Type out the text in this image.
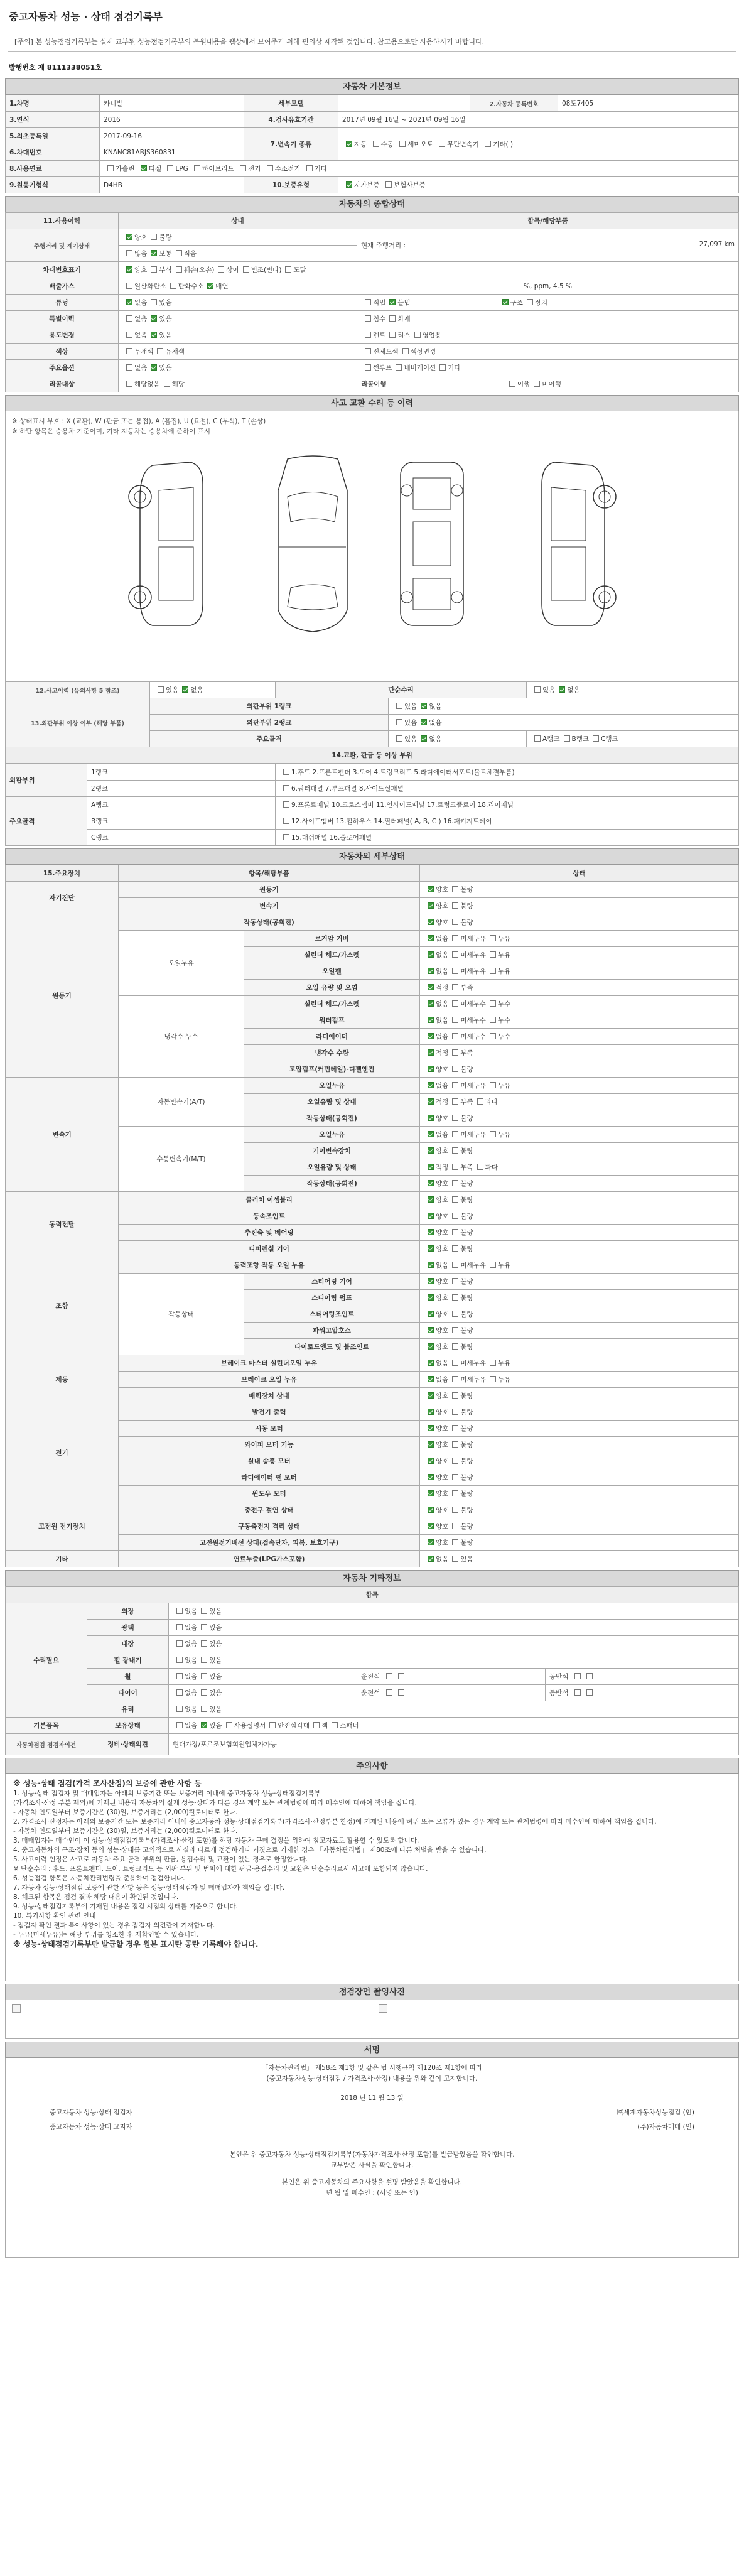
중고자동차 성능 · 상태 점검기록부
[주의] 본 성능점검기록부는 실제 교부된 성능점검기록부의 복원내용을 웹상에서 보여주기 위해 편의상 제작된 것입니다. 참고용으로만 사용하시기 바랍니다.
발행번호 제 8111338051호
자동차 기본정보
1.차명	카니발	세부모델		2.자동차 등록번호	08도7405
3.연식	2016	4.검사유효기간	2017년 09월 16일 ~ 2021년 09월 16일		
5.최초등록일	2017-09-16	7.변속기 종류	자동 수동 세미오토 무단변속기 기타( )		
6.차대번호	KNANC81ABJS360831				
8.사용연료	가솔린 디젤 LPG 하이브리드 전기 수소전기 기타				
9.원동기형식	D4HB	10.보증유형	자가보증 보험사보증		
자동차의 종합상태
11.사용이력	상태	항목/해당부품
주행거리 및 계기상태	양호 불량	현재 주행거리 : 27,097 km

	많음 보통 적음	
차대번호표기	양호 부식 훼손(오손) 상이 변조(변타) 도말	
배출가스	일산화탄소 탄화수소 매연	%, ppm, 4.5 %
튜닝	없음 있음	적법 불법 구조 장치
특별이력	없음 있음	침수 화재
용도변경	없음 있음	렌트 리스 영업용
색상	무채색 유채색	전체도색 색상변경
주요옵션	없음 있음	썬루프 네비게이션 기타
리콜대상	해당없음 해당	리콜이행 이행 미이행
사고 교환 수리 등 이력
※ 상태표시 부호 : X (교환), W (판금 또는 용접), A (흠집), U (요철), C (부식), T (손상)
※ 하단 항목은 승용차 기준이며, 기타 자동차는 승용차에 준하여 표시
12.사고이력 (유의사항 5 참조)	있음 없음	단순수리		있음 없음
13.외판부위 이상 여부 (해당 부품)	외판부위 1랭크		있음 없음	
	외판부위 2랭크		있음 없음	
	주요골격		있음 없음	A랭크 B랭크 C랭크
14.교환, 판금 등 이상 부위				
외판부위	1랭크	1.후드 2.프론트펜더 3.도어 4.트렁크리드 5.라디에이터서포트(볼트체결부품)
	2랭크	6.쿼터패널 7.루프패널 8.사이드실패널
주요골격	A랭크	9.프론트패널 10.크로스멤버 11.인사이드패널 17.트렁크플로어 18.리어패널
	B랭크	12.사이드멤버 13.휠하우스 14.필러패널( A, B, C ) 16.패키지트레이
	C랭크	15.대쉬패널 16.플로어패널
자동차의 세부상태
15.주요장치	항목/해당부품		상태
자기진단	원동기		양호 불량
	변속기		양호 불량
원동기	작동상태(공회전)		양호 불량
	오일누유	로커암 커버	없음 미세누유 누유
		실린더 헤드/가스켓	없음 미세누유 누유
		오일팬	없음 미세누유 누유
		오일 유량 및 오염	적정 부족
	냉각수 누수	실린더 헤드/가스켓	없음 미세누수 누수
		워터펌프	없음 미세누수 누수
		라디에이터	없음 미세누수 누수
		냉각수 수량	적정 부족
		고압펌프(커먼레일)-디젤엔진	양호 불량
변속기	자동변속기(A/T)	오일누유	없음 미세누유 누유
		오일유량 및 상태	적정 부족 과다
		작동상태(공회전)	양호 불량
	수동변속기(M/T)	오일누유	없음 미세누유 누유
		기어변속장치	양호 불량
		오일유량 및 상태	적정 부족 과다
		작동상태(공회전)	양호 불량
동력전달	클러치 어셈블리		양호 불량
	등속조인트		양호 불량
	추진축 및 베어링		양호 불량
	디퍼렌셜 기어		양호 불량
조향	동력조향 작동 오일 누유		없음 미세누유 누유
	작동상태	스티어링 기어	양호 불량
		스티어링 펌프	양호 불량
		스티어링조인트	양호 불량
		파워고압호스	양호 불량
		타이로드엔드 및 볼조인트	양호 불량
제동	브레이크 마스터 실린더오일 누유		없음 미세누유 누유
	브레이크 오일 누유		없음 미세누유 누유
	배력장치 상태		양호 불량
전기	발전기 출력		양호 불량
	시동 모터		양호 불량
	와이퍼 모터 기능		양호 불량
	실내 송풍 모터		양호 불량
	라디에이터 팬 모터		양호 불량
	윈도우 모터		양호 불량
고전원 전기장치	충전구 절연 상태		양호 불량
	구동축전지 격리 상태		양호 불량
	고전원전기배선 상태(접속단자, 피복, 보호기구)		양호 불량
기타	연료누출(LPG가스포함)		없음 있음
자동차 기타정보
항목				
수리필요	외장	없음 있음		
	광택	없음 있음		
	내장	없음 있음		
	휠 광내기	없음 있음		
	휠	없음 있음	운전석	동반석
	타이어	없음 있음	운전석	동반석
	유리	없음 있음		
기본품목	보유상태	없음 있음 사용설명서 안전삼각대 잭 스패너		
자동차점검 점검자의견	정비·상태의견	현대가장/포르조보험회원업체가가능		
주의사항
※ 성능·상태 점검(가격 조사산정)의 보증에 관한 사항 등
1. 성능·상태 점검자 및 매매업자는 아래의 보증기간 또는 보증거리 이내에 중고자동차 성능·상태점검기록부
(가격조사·산정 부분 제외)에 기재된 내용과 자동차의 실제 성능·상태가 다른 경우 계약 또는 관계법령에 따라 매수인에 대하여 책임을 집니다.
- 자동차 인도일부터 보증기간은 (30)일, 보증거리는 (2,000)킬로미터로 한다.
2. 가격조사·산정자는 아래의 보증기간 또는 보증거리 이내에 중고자동차 성능·상태점검기록부(가격조사·산정부분 한정)에 기재된 내용에 허위 또는 오류가 있는 경우 계약 또는 관계법령에 따라 매수인에 대하여 책임을 집니다.
- 자동차 인도일부터 보증기간은 (30)일, 보증거리는 (2,000)킬로미터로 한다.
3. 매매업자는 매수인이 이 성능·상태점검기록부(가격조사·산정 포함)를 해당 자동차 구매 결정을 위하여 참고자료로 활용할 수 있도록 합니다.
4. 중고자동차의 구조·장치 등의 성능·상태를 고의적으로 사실과 다르게 점검하거나 거짓으로 기재한 경우 「자동차관리법」 제80조에 따른 처벌을 받을 수 있습니다.
5. 사고이력 인정은 사고로 자동차 주요 골격 부위의 판금, 용접수리 및 교환이 있는 경우로 한정합니다.
※ 단순수리 : 후드, 프론트펜더, 도어, 트렁크리드 등 외판 부위 및 범퍼에 대한 판금·용접수리 및 교환은 단순수리로서 사고에 포함되지 않습니다.
6. 성능점검 항목은 자동차관리법령을 준용하여 점검합니다.
7. 자동차 성능·상태점검 보증에 관한 사항 등은 성능·상태점검자 및 매매업자가 책임을 집니다.
8. 체크된 항목은 점검 결과 해당 내용이 확인된 것입니다.
9. 성능·상태점검기록부에 기재된 내용은 점검 시점의 상태를 기준으로 합니다.
10. 특기사항 확인 관련 안내
- 점검자 확인 결과 특이사항이 있는 경우 점검자 의견란에 기재합니다.
- 누유(미세누유)는 해당 부위를 청소한 후 재확인할 수 있습니다.
※ 성능·상태점검기록부만 발급할 경우 원본 표시란 공란 기록해야 합니다.
점검장면 촬영사진
서명
「자동차관리법」 제58조 제1항 및 같은 법 시행규칙 제120조 제1항에 따라
(중고자동차성능·상태점검 / 가격조사·산정) 내용을 위와 같이 고지합니다.
2018 년 11 월 13 일
중고자동차 성능·상태 점검자	㈜세계자동차성능점검 (인)
중고자동차 성능·상태 고지자	(주)자동차매매 (인)
본인은 위 중고자동차 성능·상태점검기록부(자동차가격조사·산정 포함)를 발급받았음을 확인합니다.
교부받은 사실을 확인합니다.
본인은 위 중고자동차의 주요사항을 설명 받았음을 확인합니다.
년 월 일 매수인 : (서명 또는 인)
